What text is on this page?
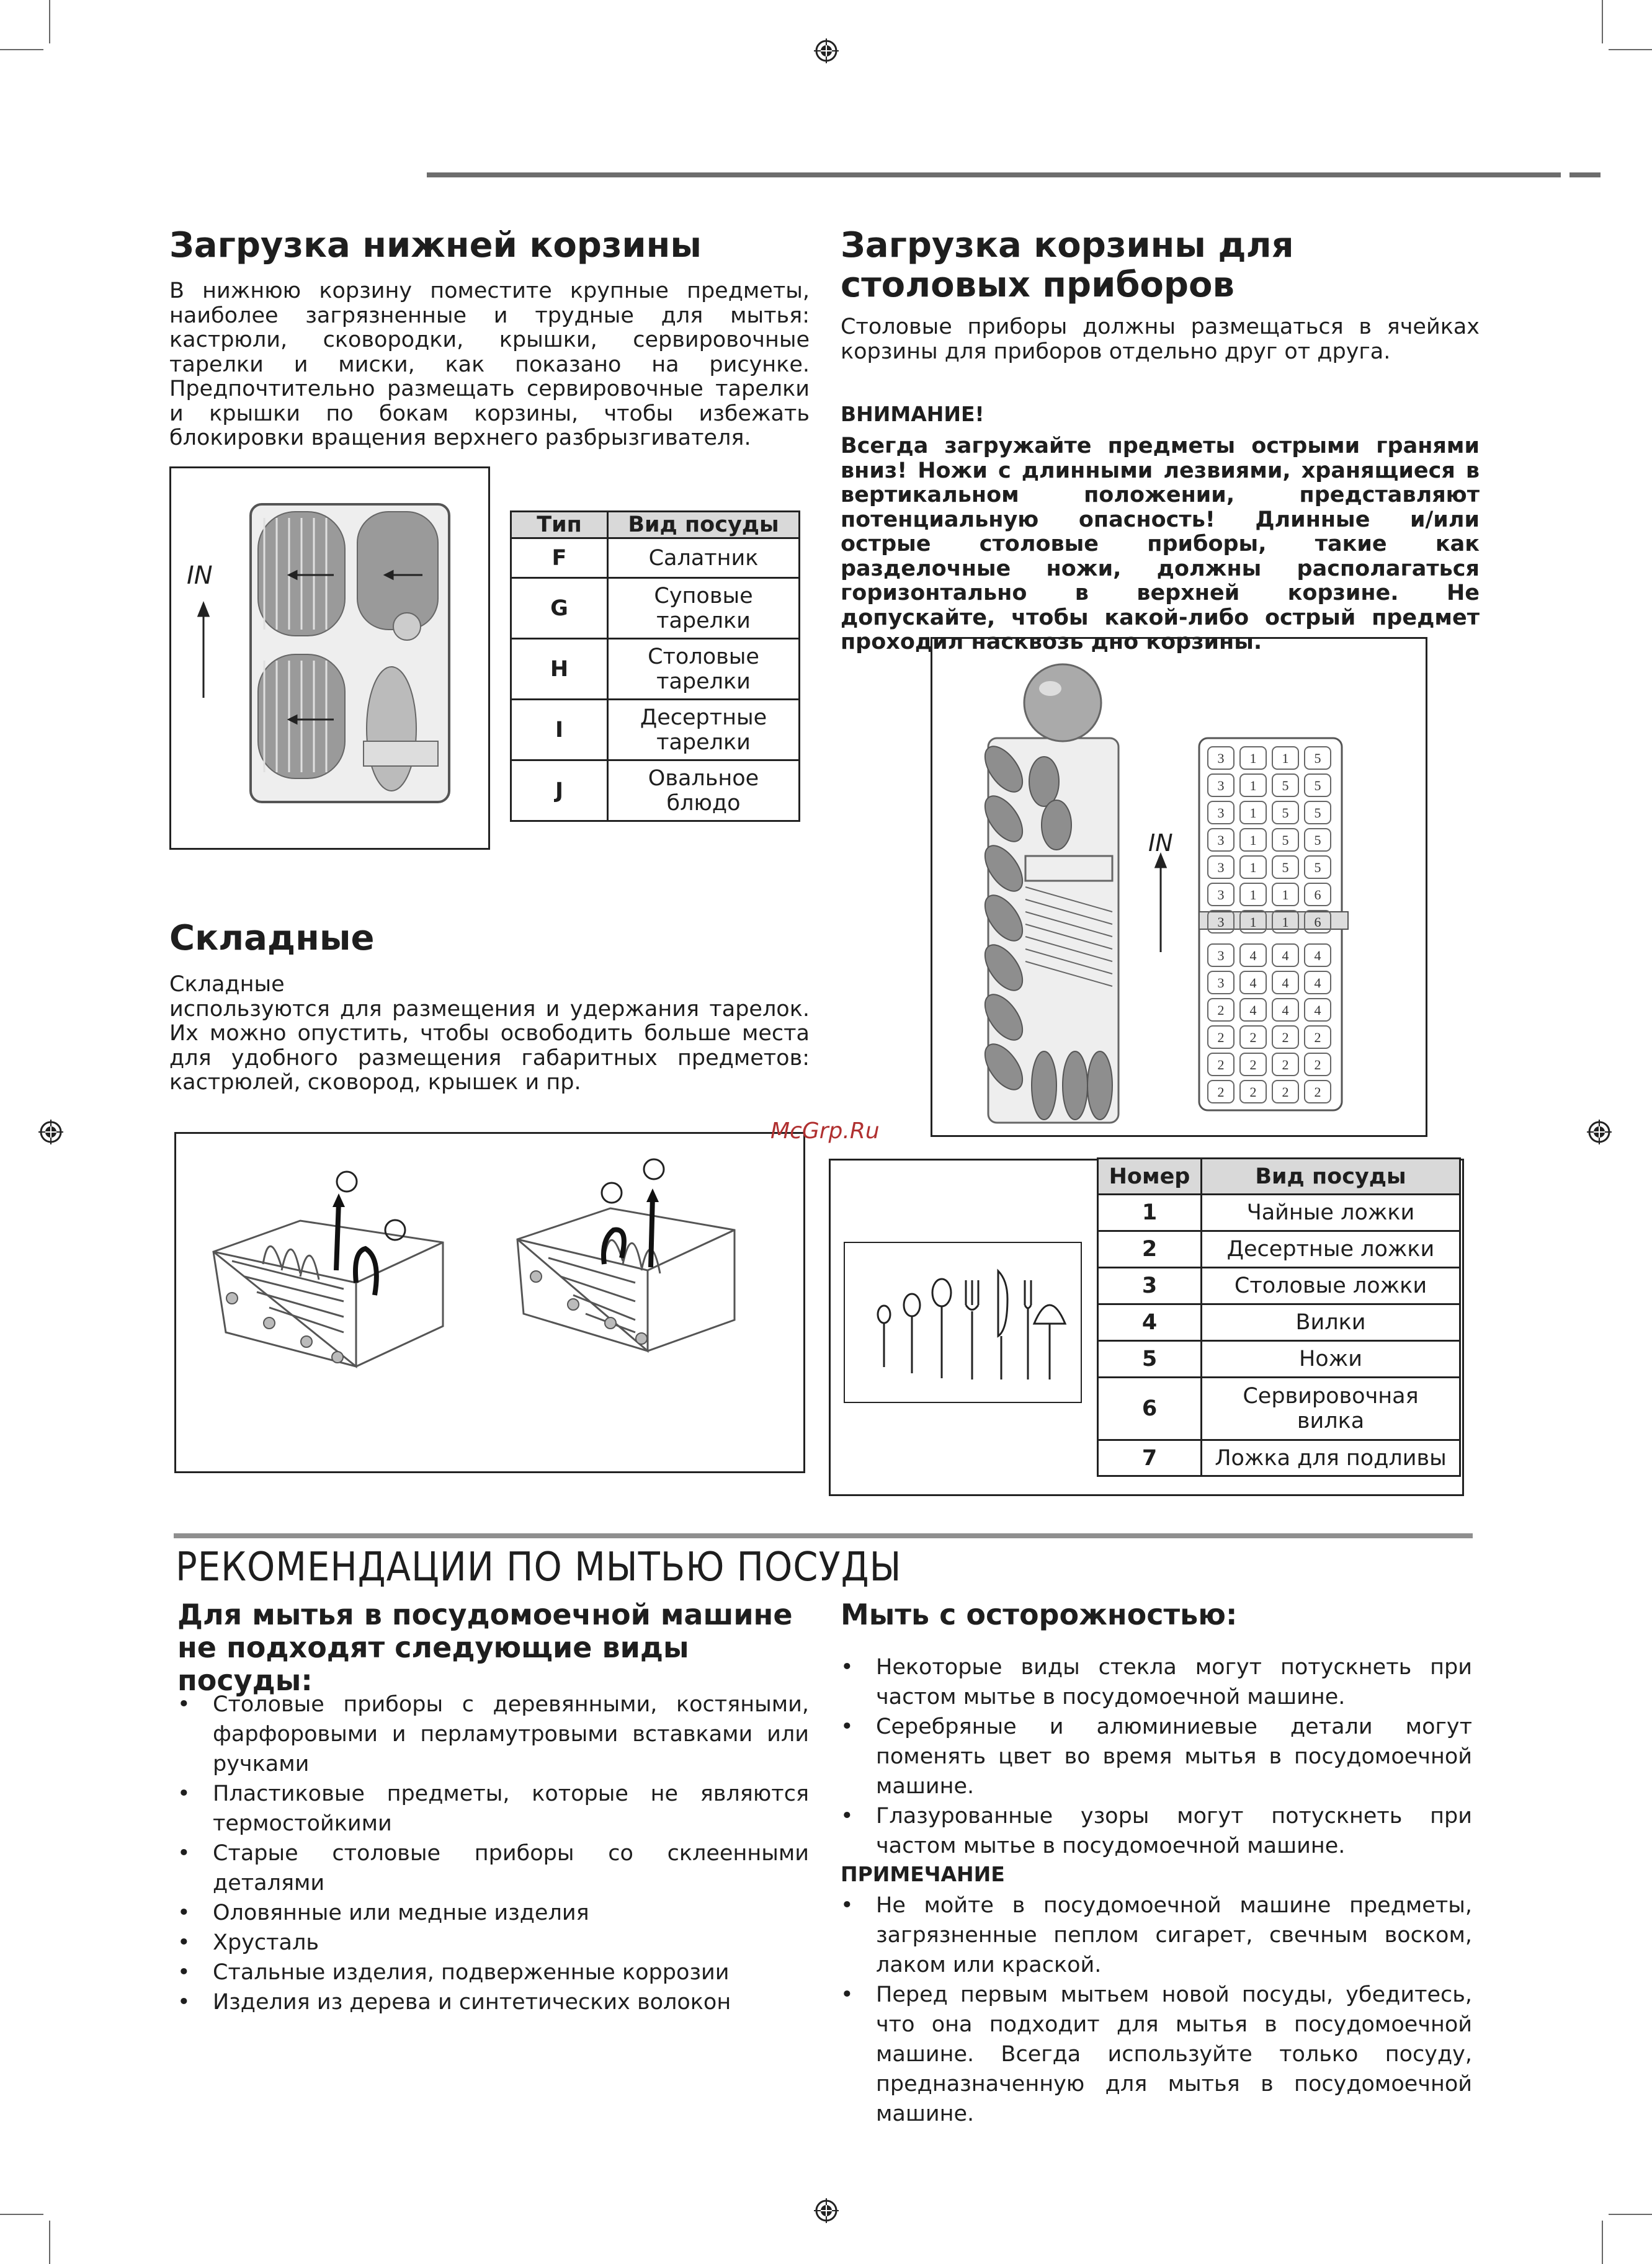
Загрузка нижней корзины

В нижнюю корзину поместите крупные предметы, наиболее загрязненные и трудные для мытья: кастрюли, сковородки, крышки, сервировочные тарелки и миски, как показано на рисунке. Предпочтительно размещать сервировочные тарелки и крышки по бокам корзины, чтобы избежать блокировки вращения верхнего разбрызгивателя.

IN
Тип	Вид посуды
F	Салатник
G	Суповые тарелки
H	Столовые тарелки
I	Десертные тарелки
J	Овальное блюдо
Складные

Складные

используются для размещения и удержания тарелок. Их можно опустить, чтобы освободить больше места для удобного размещения габаритных предметов: кастрюлей, сковород, крышек и пр.

Загрузка корзины для столовых приборов

Столовые приборы должны размещаться в ячейках корзины для приборов отдельно друг от друга.

ВНИМАНИЕ!

Всегда загружайте предметы острыми гранями вниз! Ножи с длинными лезвиями, хранящиеся в вертикальном положении, представляют потенциальную опасность! Длинные и/или острые столовые приборы, такие как разделочные ножи, должны располагаться горизонтально в верхней корзине. Не допускайте, чтобы какой-либо острый предмет проходил насквозь дно корзины.

3 1 1 5
3 1 5 5
3 1 5 5
3 1 5 5
3 1 5 5
3 1 1 6
3 1 1 6
3 4 4 4
3 4 4 4
2 4 4 4
2 2 2 2
2 2 2 2
2 2 2 2
IN
Номер	Вид посуды
1	Чайные ложки
2	Десертные ложки
3	Столовые ложки
4	Вилки
5	Ножи
6	Сервировочная вилка
7	Ложка для подливы
McGrp.Ru
РЕКОМЕНДАЦИИ ПО МЫТЬЮ ПОСУДЫ
Для мытья в посудомоечной машине не подходят следующие виды посуды:
• Столовые приборы с деревянными, костяными, фарфоровыми и перламутровыми вставками или ручками
• Пластиковые предметы, которые не являются термостойкими
• Старые столовые приборы со склеенными деталями
• Оловянные или медные изделия
• Хрусталь
• Стальные изделия, подверженные коррозии
• Изделия из дерева и синтетических волокон
Мыть с осторожностью:
• Некоторые виды стекла могут потускнеть при частом мытье в посудомоечной машине.
• Серебряные и алюминиевые детали могут поменять цвет во время мытья в посудомоечной машине.
• Глазурованные узоры могут потускнеть при частом мытье в посудомоечной машине.

ПРИМЕЧАНИЕ

• Не мойте в посудомоечной машине предметы, загрязненные пеплом сигарет, свечным воском, лаком или краской.
• Перед первым мытьем новой посуды, убедитесь, что она подходит для мытья в посудомоечной машине. Всегда используйте только посуду, предназначенную для мытья в посудомоечной машине.
